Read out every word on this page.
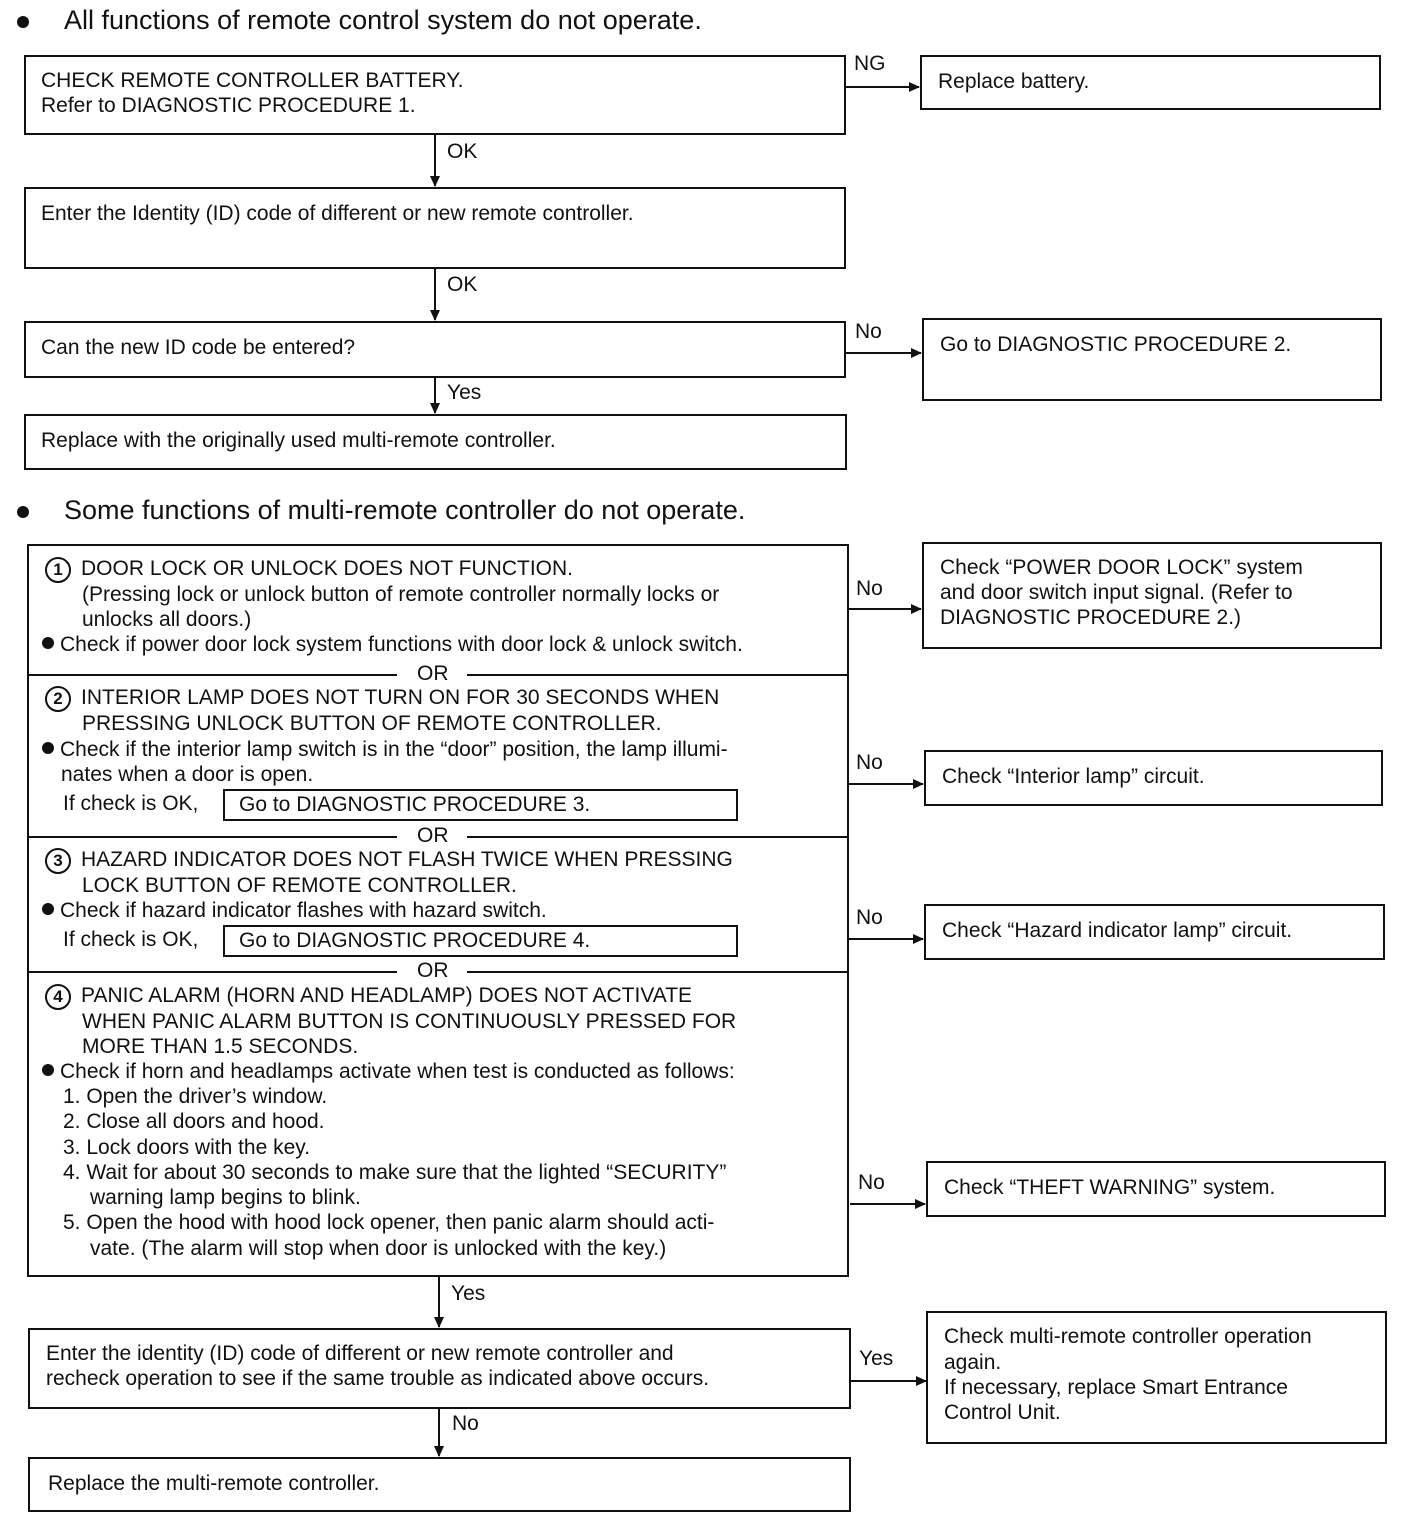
All functions of remote control system do not operate.
CHECK REMOTE CONTROLLER BATTERY.
Refer to DIAGNOSTIC PROCEDURE 1.
NG
Replace battery.
OK
Enter the Identity (ID) code of different or new remote controller.
OK
Can the new ID code be entered?
No
Go to DIAGNOSTIC PROCEDURE 2.
Yes
Replace with the originally used multi-remote controller.
Some functions of multi-remote controller do not operate.
1 DOOR LOCK OR UNLOCK DOES NOT FUNCTION.
(Pressing lock or unlock button of remote controller normally locks or
unlocks all doors.)
Check if power door lock system functions with door lock & unlock switch.
OR
2 INTERIOR LAMP DOES NOT TURN ON FOR 30 SECONDS WHEN
PRESSING UNLOCK BUTTON OF REMOTE CONTROLLER.
Check if the interior lamp switch is in the “door” position, the lamp illumi-
nates when a door is open.
If check is OK,	Go to DIAGNOSTIC PROCEDURE 3.
OR
3 HAZARD INDICATOR DOES NOT FLASH TWICE WHEN PRESSING
LOCK BUTTON OF REMOTE CONTROLLER.
Check if hazard indicator flashes with hazard switch.
If check is OK,	Go to DIAGNOSTIC PROCEDURE 4.
OR
4 PANIC ALARM (HORN AND HEADLAMP) DOES NOT ACTIVATE
WHEN PANIC ALARM BUTTON IS CONTINUOUSLY PRESSED FOR
MORE THAN 1.5 SECONDS.
Check if horn and headlamps activate when test is conducted as follows:
1. Open the driver’s window.
2. Close all doors and hood.
3. Lock doors with the key.
4. Wait for about 30 seconds to make sure that the lighted “SECURITY”
warning lamp begins to blink.
5. Open the hood with hood lock opener, then panic alarm should acti-
vate. (The alarm will stop when door is unlocked with the key.)
No
Check “POWER DOOR LOCK” system
and door switch input signal. (Refer to
DIAGNOSTIC PROCEDURE 2.)
No
Check “Interior lamp” circuit.
No
Check “Hazard indicator lamp” circuit.
No	Check “THEFT WARNING” system.
Yes
Enter the identity (ID) code of different or new remote controller and
recheck operation to see if the same trouble as indicated above occurs.
Yes
Check multi-remote controller operation
again.
If necessary, replace Smart Entrance
Control Unit.
No
Replace the multi-remote controller.
